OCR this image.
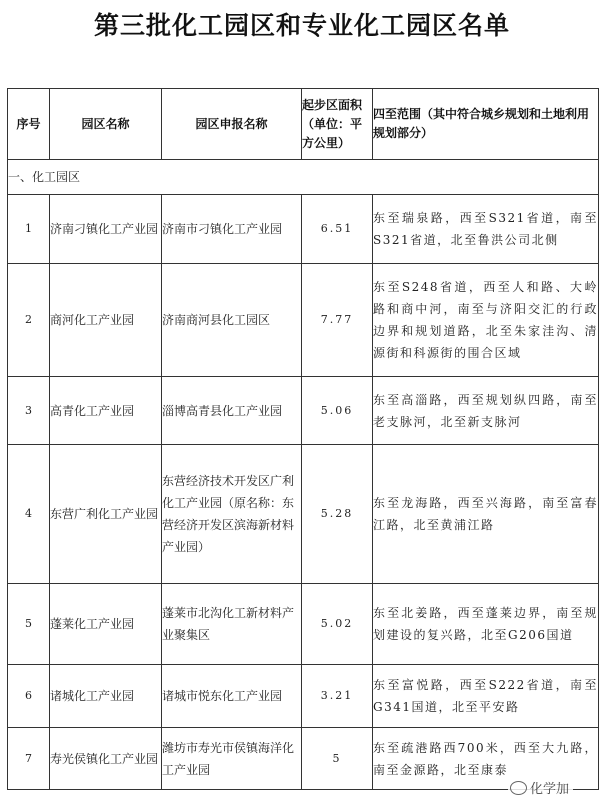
第三批化工园区和专业化工园区名单
序号	园区名称	园区申报名称	起步区面积（单位：平方公里）	四至范围（其中符合城乡规划和土地利用规划部分）
一、化工园区				
1	济南刁镇化工产业园	济南市刁镇化工产业园	6.51	东至瑞泉路，西至S321省道，南至S321省道，北至鲁洪公司北侧
2	商河化工产业园	济南商河县化工园区	7.77	东至S248省道，西至人和路、大岭路和商中河，南至与济阳交汇的行政边界和规划道路，北至朱家洼沟、清源街和科源街的围合区域
3	高青化工产业园	淄博高青县化工产业园	5.06	东至高淄路，西至规划纵四路，南至老支脉河，北至新支脉河
4	东营广利化工产业园	东营经济技术开发区广利化工产业园（原名称：东营经济开发区滨海新材料产业园）	5.28	东至龙海路，西至兴海路，南至富春江路，北至黄浦江路
5	蓬莱化工产业园	蓬莱市北沟化工新材料产业聚集区	5.02	东至北姜路，西至蓬莱边界，南至规划建设的复兴路，北至G206国道
6	诸城化工产业园	诸城市悦东化工产业园	3.21	东至富悦路，西至S222省道，南至G341国道，北至平安路
7	寿光侯镇化工产业园	潍坊市寿光市侯镇海洋化工产业园	5	东至疏港路西700米，西至大九路，南至金源路，北至康泰
化学加
